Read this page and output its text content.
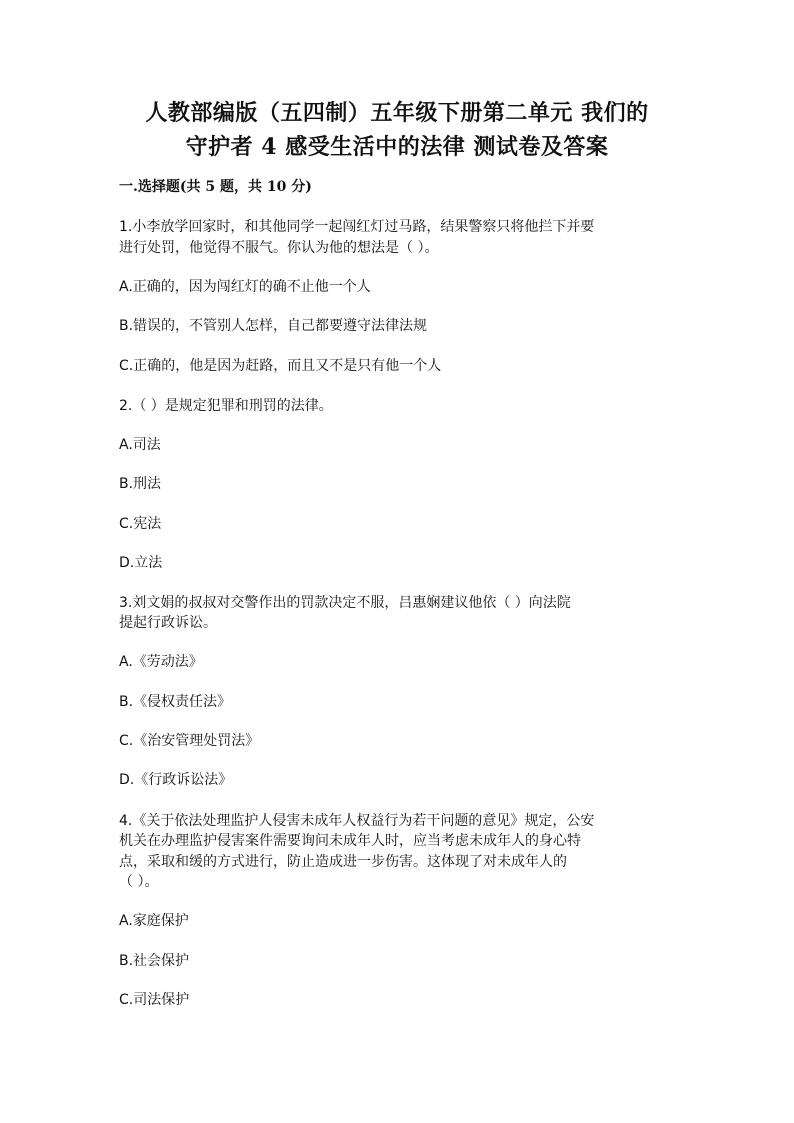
人教部编版（五四制）五年级下册第二单元 我们的
守护者 4 感受生活中的法律 测试卷及答案
一.选择题(共 5 题，共 10 分)

1.小李放学回家时，和其他同学一起闯红灯过马路，结果警察只将他拦下并要

进行处罚，他觉得不服气。你认为他的想法是（ ）。

A.正确的，因为闯红灯的确不止他一个人

B.错误的，不管别人怎样，自己都要遵守法律法规

C.正确的，他是因为赶路，而且又不是只有他一个人

2.（ ）是规定犯罪和刑罚的法律。

A.司法

B.刑法

C.宪法

D.立法

3.刘文娟的叔叔对交警作出的罚款决定不服，吕惠娴建议他依（ ）向法院

提起行政诉讼。

A.《劳动法》

B.《侵权责任法》

C.《治安管理处罚法》

D.《行政诉讼法》

4.《关于依法处理监护人侵害未成年人权益行为若干问题的意见》规定，公安

机关在办理监护侵害案件需要询问未成年人时，应当考虑未成年人的身心特

点，采取和缓的方式进行，防止造成进一步伤害。这体现了对未成年人的

（ ）。

A.家庭保护

B.社会保护

C.司法保护
